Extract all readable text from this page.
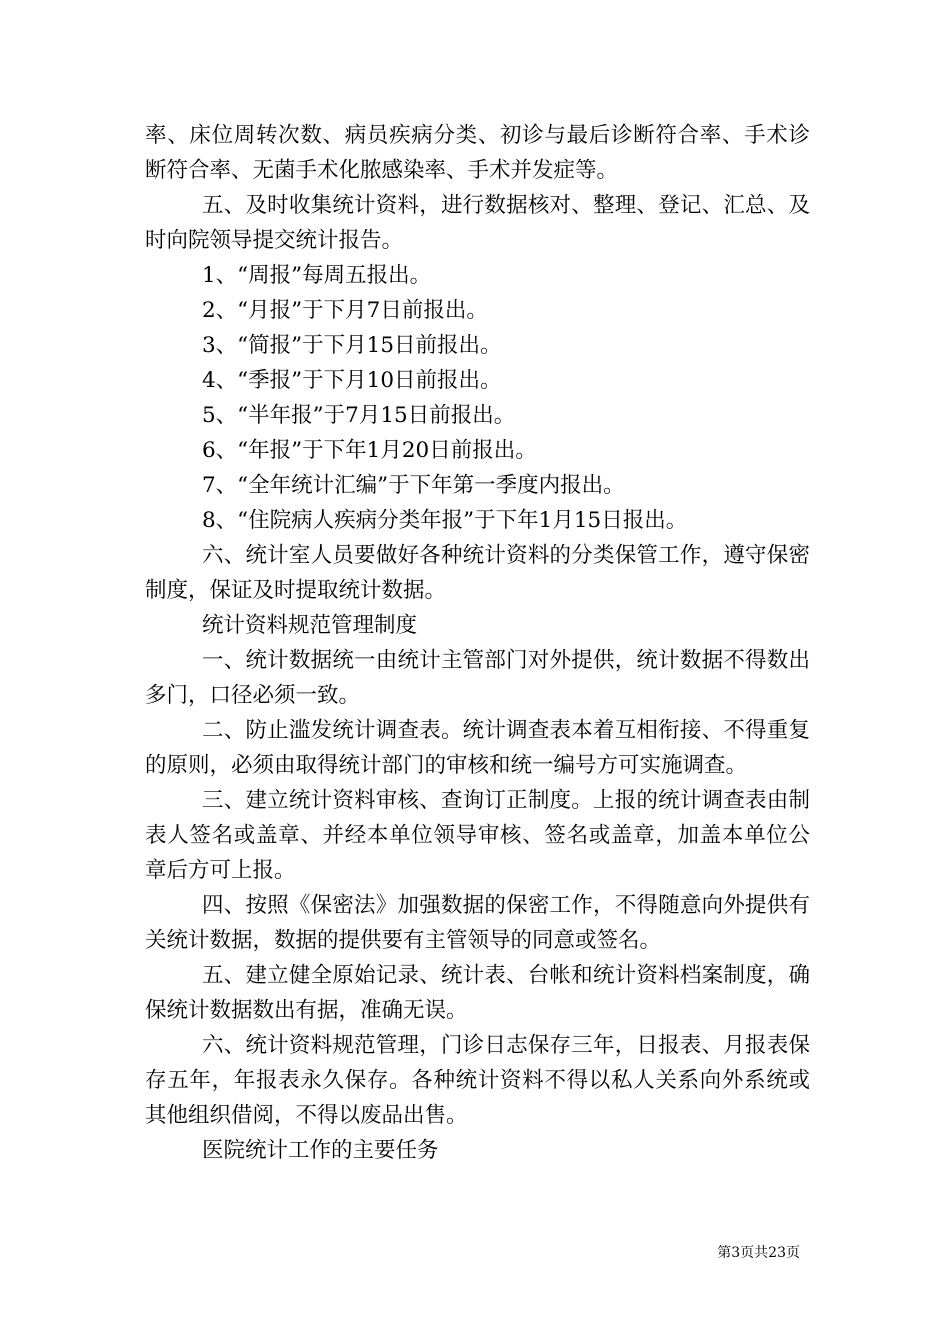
率、床位周转次数、病员疾病分类、初诊与最后诊断符合率、手术诊断符合率、无菌手术化脓感染率、手术并发症等。

五、及时收集统计资料，进行数据核对、整理、登记、汇总、及时向院领导提交统计报告。

1、“周报”每周五报出。

2、“月报”于下月7日前报出。

3、“简报”于下月15日前报出。

4、“季报”于下月10日前报出。

5、“半年报”于7月15日前报出。

6、“年报”于下年1月20日前报出。

7、“全年统计汇编”于下年第一季度内报出。

8、“住院病人疾病分类年报”于下年1月15日报出。

六、统计室人员要做好各种统计资料的分类保管工作，遵守保密制度，保证及时提取统计数据。

统计资料规范管理制度

一、统计数据统一由统计主管部门对外提供，统计数据不得数出多门，口径必须一致。

二、防止滥发统计调查表。统计调查表本着互相衔接、不得重复的原则，必须由取得统计部门的审核和统一编号方可实施调查。

三、建立统计资料审核、查询订正制度。上报的统计调查表由制表人签名或盖章、并经本单位领导审核、签名或盖章，加盖本单位公章后方可上报。

四、按照《保密法》加强数据的保密工作，不得随意向外提供有关统计数据，数据的提供要有主管领导的同意或签名。

五、建立健全原始记录、统计表、台帐和统计资料档案制度，确保统计数据数出有据，准确无误。

六、统计资料规范管理，门诊日志保存三年，日报表、月报表保存五年，年报表永久保存。各种统计资料不得以私人关系向外系统或其他组织借阅，不得以废品出售。

医院统计工作的主要任务

第3页共23页
